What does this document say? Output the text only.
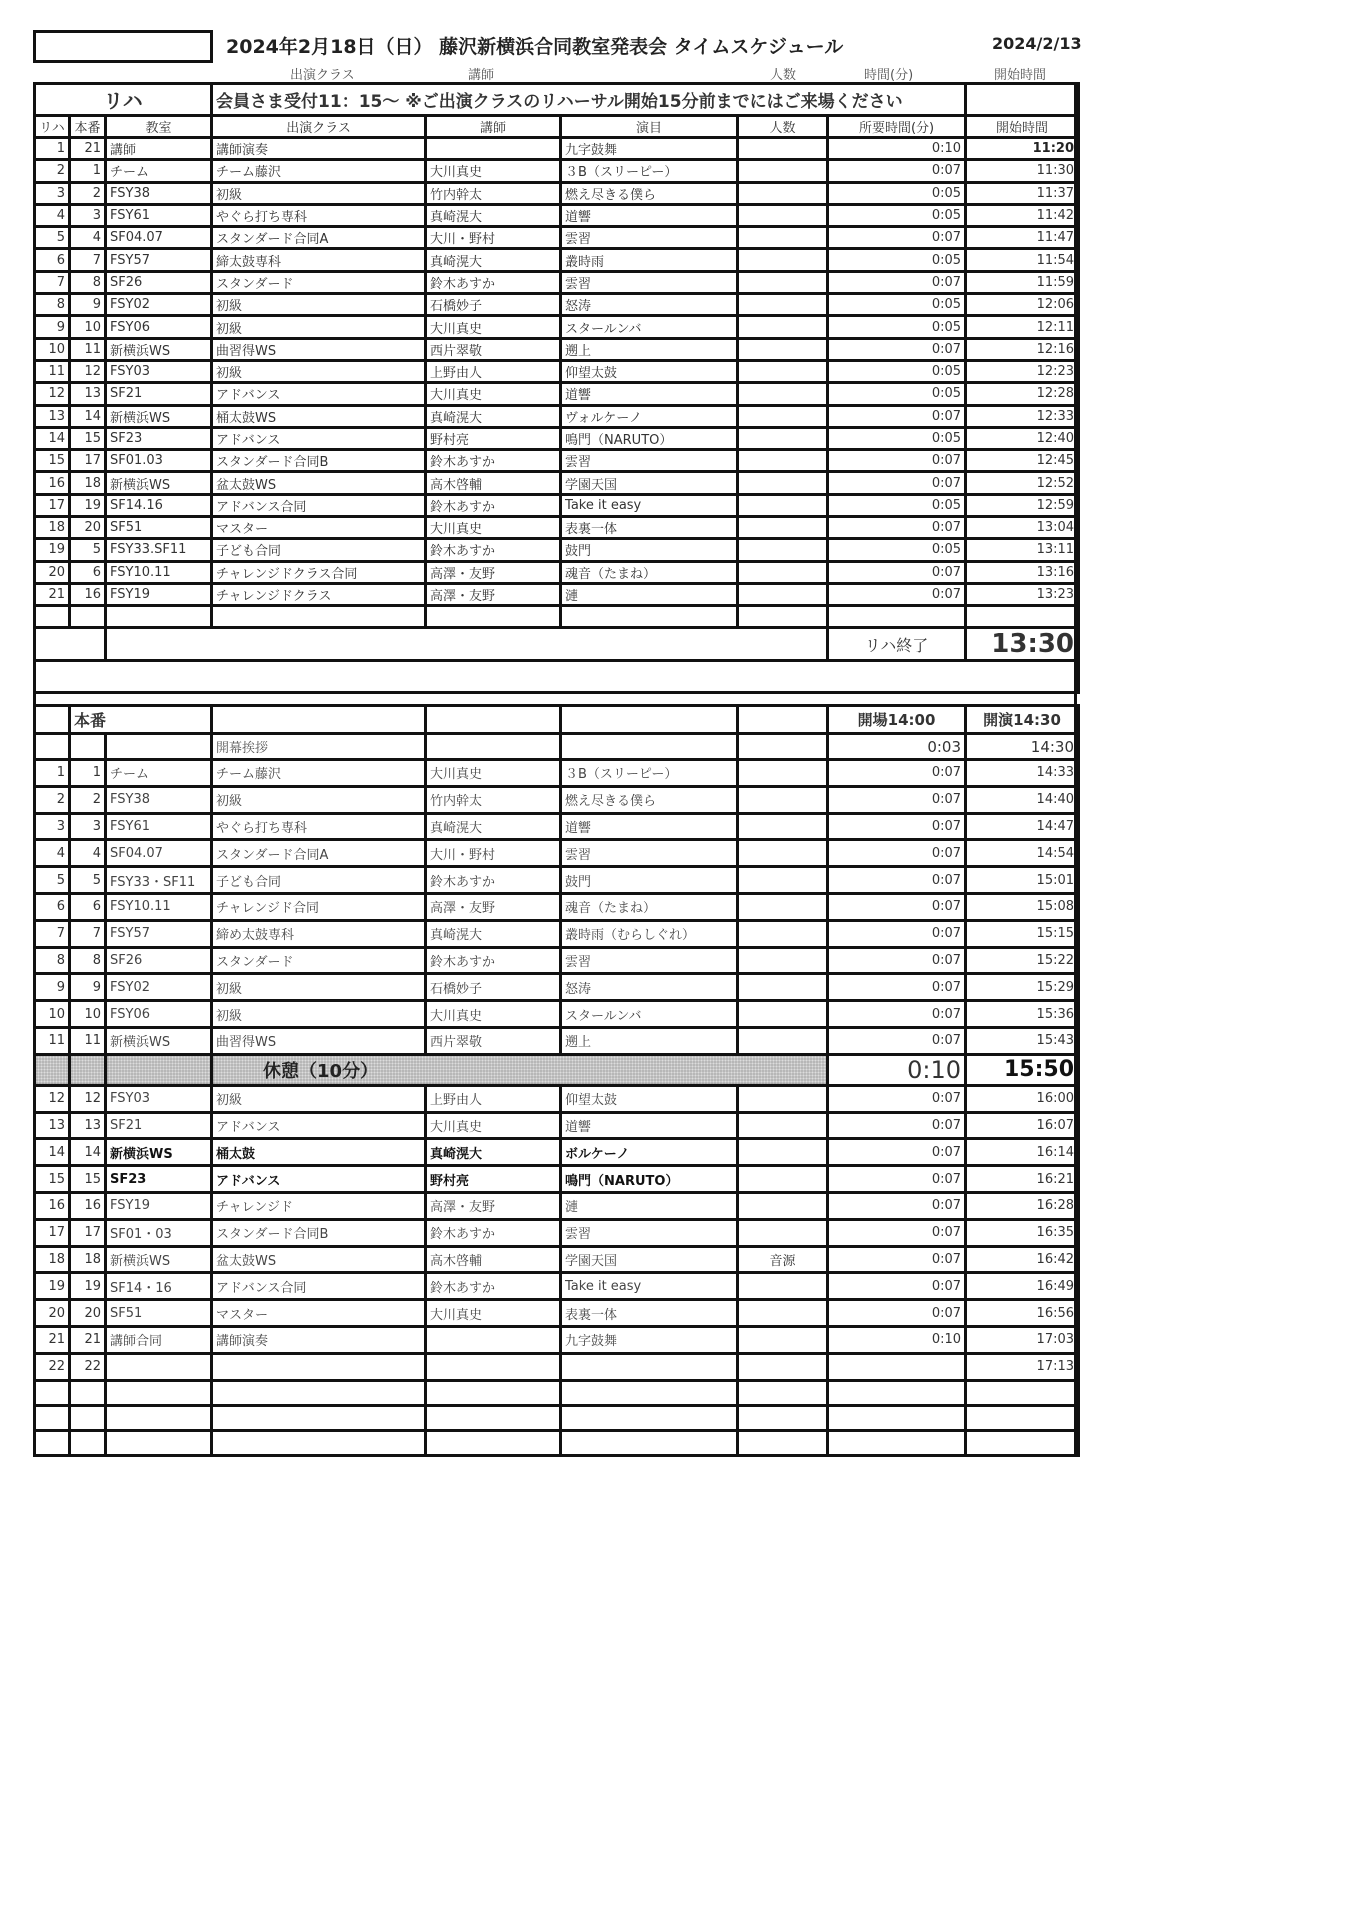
2024年2月18日（日） 藤沢新横浜合同教室発表会 タイムスケジュール	2024/2/13
出演クラス	講師	人数	時間(分)	開始時間
リハ			会員さま受付11：15～ ※ご出演クラスのリハーサル開始15分前までにはご来場ください					
リハ	本番	教室	出演クラス	講師	演目	人数	所要時間(分)	開始時間
1	21	講師	講師演奏		九字鼓舞		0:10	11:20
2	1	チーム	チーム藤沢	大川真史	３B（スリーピー）		0:07	11:30
3	2	FSY38	初級	竹内幹太	燃え尽きる僕ら		0:05	11:37
4	3	FSY61	やぐら打ち専科	真崎滉大	道響		0:05	11:42
5	4	SF04.07	スタンダード合同A	大川・野村	雲習		0:07	11:47
6	7	FSY57	締太鼓専科	真崎滉大	叢時雨		0:05	11:54
7	8	SF26	スタンダード	鈴木あすか	雲習		0:07	11:59
8	9	FSY02	初級	石橋妙子	怒涛		0:05	12:06
9	10	FSY06	初級	大川真史	スタールンバ		0:05	12:11
10	11	新横浜WS	曲習得WS	西片翠敬	遡上		0:07	12:16
11	12	FSY03	初級	上野由人	仰望太鼓		0:05	12:23
12	13	SF21	アドバンス	大川真史	道響		0:05	12:28
13	14	新横浜WS	桶太鼓WS	真崎滉大	ヴォルケーノ		0:07	12:33
14	15	SF23	アドバンス	野村亮	鳴門（NARUTO）		0:05	12:40
15	17	SF01.03	スタンダード合同B	鈴木あすか	雲習		0:07	12:45
16	18	新横浜WS	盆太鼓WS	高木啓輔	学園天国		0:07	12:52
17	19	SF14.16	アドバンス合同	鈴木あすか	Take it easy		0:05	12:59
18	20	SF51	マスター	大川真史	表裏一体		0:07	13:04
19	5	FSY33.SF11	子ども合同	鈴木あすか	鼓門		0:05	13:11
20	6	FSY10.11	チャレンジドクラス合同	高澤・友野	魂音（たまね）		0:07	13:16
21	16	FSY19	チャレンジドクラス	高澤・友野	漣		0:07	13:23

							リハ終了	13:30

	本番						開場14:00	開演14:30
			開幕挨拶				0:03	14:30
1	1	チーム	チーム藤沢	大川真史	３B（スリーピー）		0:07	14:33
2	2	FSY38	初級	竹内幹太	燃え尽きる僕ら		0:07	14:40
3	3	FSY61	やぐら打ち専科	真崎滉大	道響		0:07	14:47
4	4	SF04.07	スタンダード合同A	大川・野村	雲習		0:07	14:54
5	5	FSY33・SF11	子ども合同	鈴木あすか	鼓門		0:07	15:01
6	6	FSY10.11	チャレンジド合同	高澤・友野	魂音（たまね）		0:07	15:08
7	7	FSY57	締め太鼓専科	真崎滉大	叢時雨（むらしぐれ）		0:07	15:15
8	8	SF26	スタンダード	鈴木あすか	雲習		0:07	15:22
9	9	FSY02	初級	石橋妙子	怒涛		0:07	15:29
10	10	FSY06	初級	大川真史	スタールンバ		0:07	15:36
11	11	新横浜WS	曲習得WS	西片翠敬	遡上		0:07	15:43
			休憩（10分）				0:10	15:50
12	12	FSY03	初級	上野由人	仰望太鼓		0:07	16:00
13	13	SF21	アドバンス	大川真史	道響		0:07	16:07
14	14	新横浜WS	桶太鼓	真崎滉大	ボルケーノ		0:07	16:14
15	15	SF23	アドバンス	野村亮	鳴門（NARUTO）		0:07	16:21
16	16	FSY19	チャレンジド	高澤・友野	漣		0:07	16:28
17	17	SF01・03	スタンダード合同B	鈴木あすか	雲習		0:07	16:35
18	18	新横浜WS	盆太鼓WS	高木啓輔	学園天国	音源	0:07	16:42
19	19	SF14・16	アドバンス合同	鈴木あすか	Take it easy		0:07	16:49
20	20	SF51	マスター	大川真史	表裏一体		0:07	16:56
21	21	講師合同	講師演奏		九字鼓舞		0:10	17:03
22	22							17:13
